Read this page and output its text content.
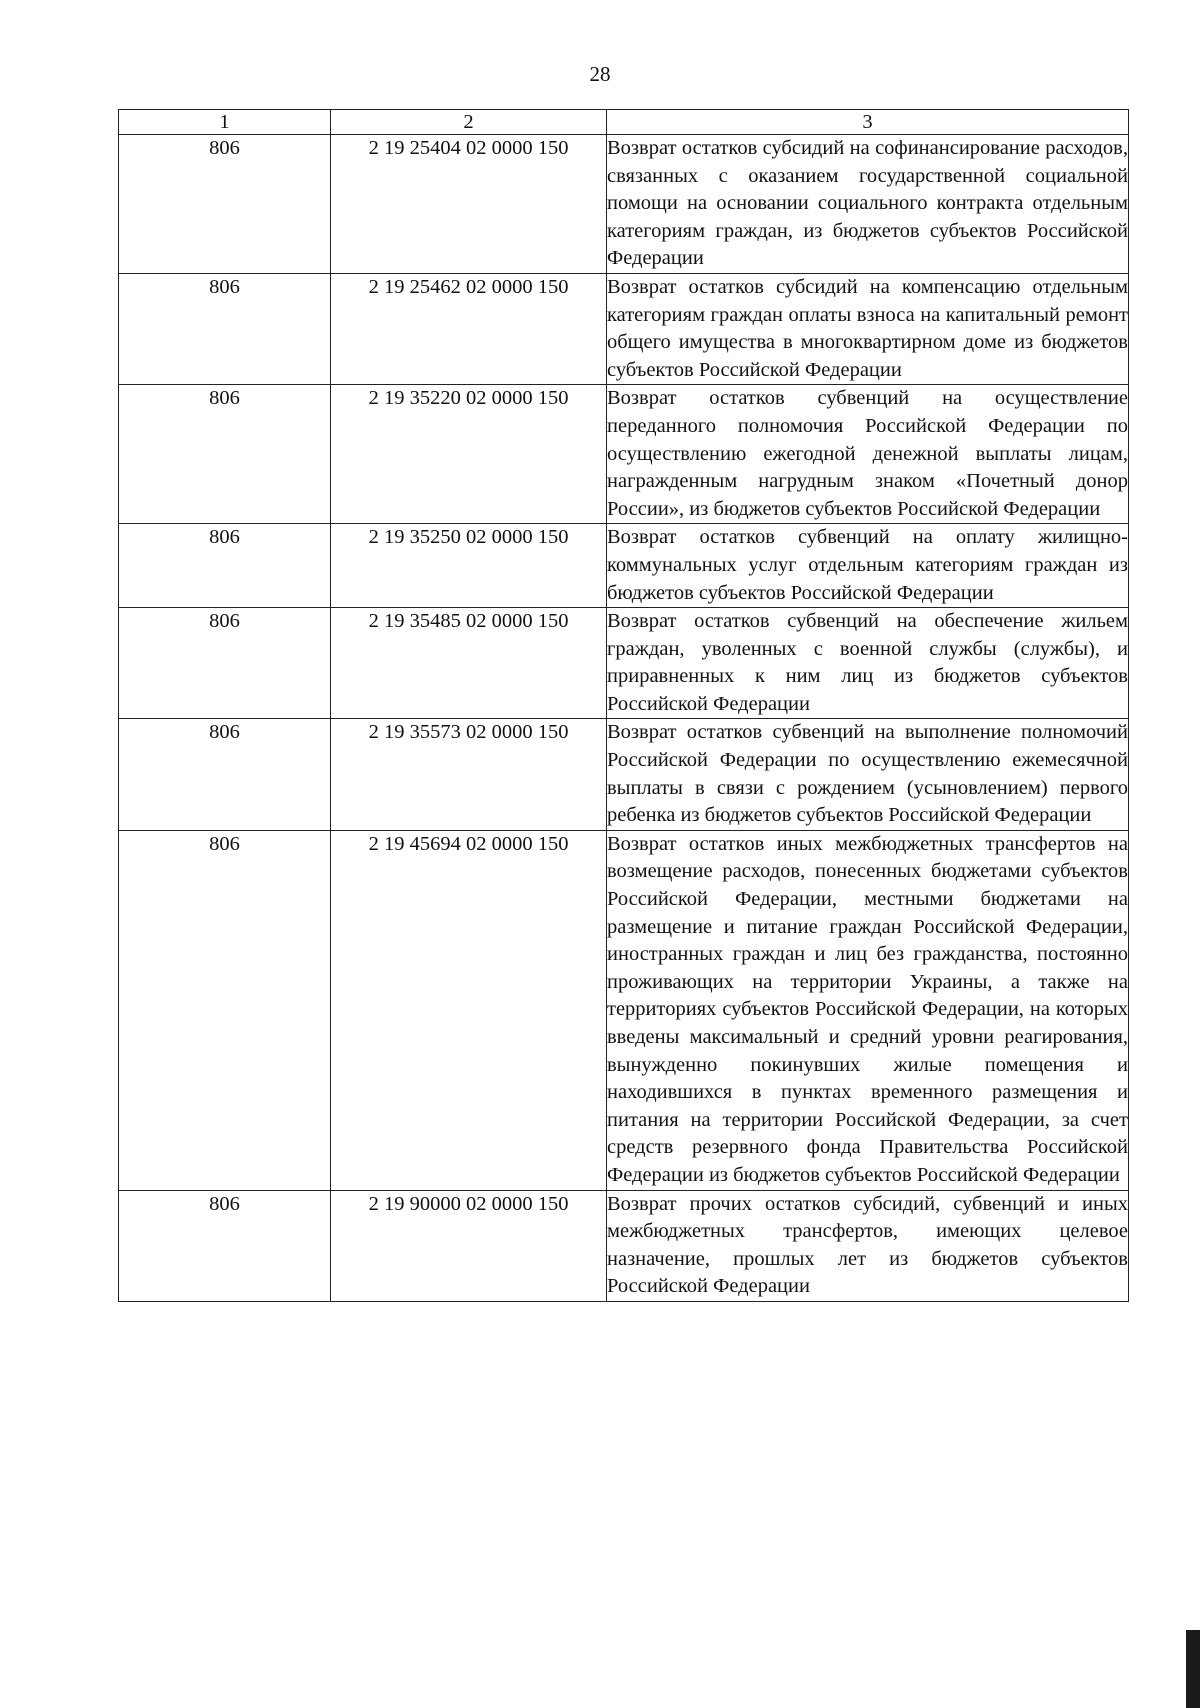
28
1	2	3
806	2 19 25404 02 0000 150	Возврат остатков субсидий на софинансирование расходов, связанных с оказанием государственной социальной помощи на основании социального контракта отдельным категориям граждан, из бюджетов субъектов Российской Федерации
806	2 19 25462 02 0000 150	Возврат остатков субсидий на компенсацию отдельным категориям граждан оплаты взноса на капитальный ремонт общего имущества в многоквартирном доме из бюджетов субъектов Российской Федерации
806	2 19 35220 02 0000 150	Возврат остатков субвенций на осуществление переданного полномочия Российской Федерации по осуществлению ежегодной денежной выплаты лицам, награжденным нагрудным знаком «Почетный донор России», из бюджетов субъектов Российской Федерации
806	2 19 35250 02 0000 150	Возврат остатков субвенций на оплату жилищно-коммунальных услуг отдельным категориям граждан из бюджетов субъектов Российской Федерации
806	2 19 35485 02 0000 150	Возврат остатков субвенций на обеспечение жильем граждан, уволенных с военной службы (службы), и приравненных к ним лиц из бюджетов субъектов Российской Федерации
806	2 19 35573 02 0000 150	Возврат остатков субвенций на выполнение полномочий Российской Федерации по осуществлению ежемесячной выплаты в связи с рождением (усыновлением) первого ребенка из бюджетов субъектов Российской Федерации
806	2 19 45694 02 0000 150	Возврат остатков иных межбюджетных трансфертов на возмещение расходов, понесенных бюджетами субъектов Российской Федерации, местными бюджетами на размещение и питание граждан Российской Федерации, иностранных граждан и лиц без гражданства, постоянно проживающих на территории Украины, а также на территориях субъектов Российской Федерации, на которых введены максимальный и средний уровни реагирования, вынужденно покинувших жилые помещения и находившихся в пунктах временного размещения и питания на территории Российской Федерации, за счет средств резервного фонда Правительства Российской Федерации из бюджетов субъектов Российской Федерации
806	2 19 90000 02 0000 150	Возврат прочих остатков субсидий, субвенций и иных межбюджетных трансфертов, имеющих целевое назначение, прошлых лет из бюджетов субъектов Российской Федерации
